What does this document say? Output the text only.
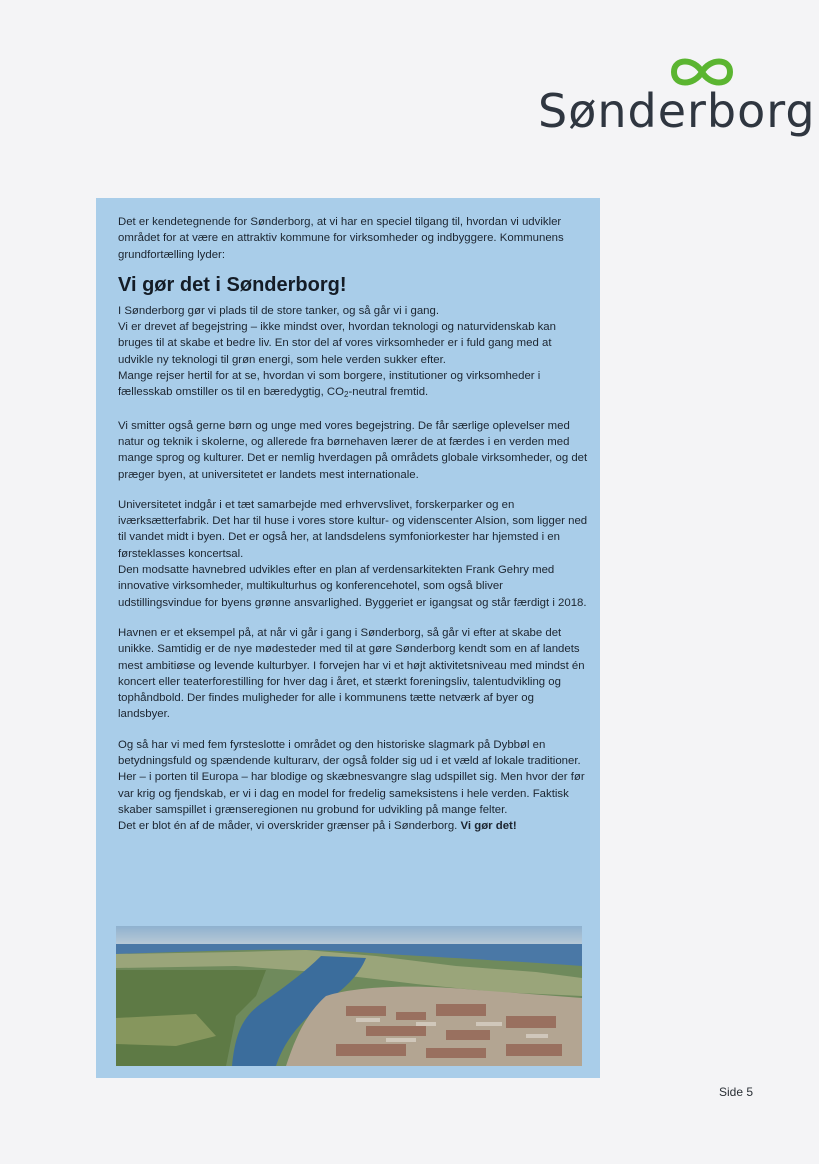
Sønderborg

Det er kendetegnende for Sønderborg, at vi har en speciel tilgang til, hvordan vi udvikler området for at være en attraktiv kommune for virksomheder og indbyggere. Kommunens grundfortælling lyder:

Vi gør det i Sønderborg!

I Sønderborg gør vi plads til de store tanker, og så går vi i gang.

Vi er drevet af begejstring – ikke mindst over, hvordan teknologi og naturvidenskab kan bruges til at skabe et bedre liv. En stor del af vores virksomheder er i fuld gang med at udvikle ny teknologi til grøn energi, som hele verden sukker efter.

Mange rejser hertil for at se, hvordan vi som borgere, institutioner og virksomheder i fællesskab omstiller os til en bæredygtig, $CO_2$-neutral fremtid.

Vi smitter også gerne børn og unge med vores begejstring. De får særlige oplevelser med natur og teknik i skolerne, og allerede fra børnehaven lærer de at færdes i en verden med mange sprog og kulturer. Det er nemlig hverdagen på områdets globale virksomheder, og det præger byen, at universitetet er landets mest internationale.

Universitetet indgår i et tæt samarbejde med erhvervslivet, forskerparker og en iværksætterfabrik. Det har til huse i vores store kultur- og videnscenter Alsion, som ligger ned til vandet midt i byen. Det er også her, at landsdelens symfoniorkester har hjemsted i en førsteklasses koncertsal.

Den modsatte havnebred udvikles efter en plan af verdensarkitekten Frank Gehry med innovative virksomheder, multikulturhus og konferencehotel, som også bliver udstillingsvindue for byens grønne ansvarlighed. Byggeriet er igangsat og står færdigt i 2018.

Havnen er et eksempel på, at når vi går i gang i Sønderborg, så går vi efter at skabe det unikke. Samtidig er de nye mødesteder med til at gøre Sønderborg kendt som en af landets mest ambitiøse og levende kulturbyer. I forvejen har vi et højt aktivitetsniveau med mindst én koncert eller teaterforestilling for hver dag i året, et stærkt foreningsliv, talentudvikling og tophåndbold. Der findes muligheder for alle i kommunens tætte netværk af byer og landsbyer.

Og så har vi med fem fyrsteslotte i området og den historiske slagmark på Dybbøl en betydningsfuld og spændende kulturarv, der også folder sig ud i et væld af lokale traditioner.

Her – i porten til Europa – har blodige og skæbnesvangre slag udspillet sig. Men hvor der før var krig og fjendskab, er vi i dag en model for fredelig sameksistens i hele verden. Faktisk skaber samspillet i grænseregionen nu grobund for udvikling på mange felter.

Det er blot én af de måder, vi overskrider grænser på i Sønderborg. Vi gør det!

Side 5
